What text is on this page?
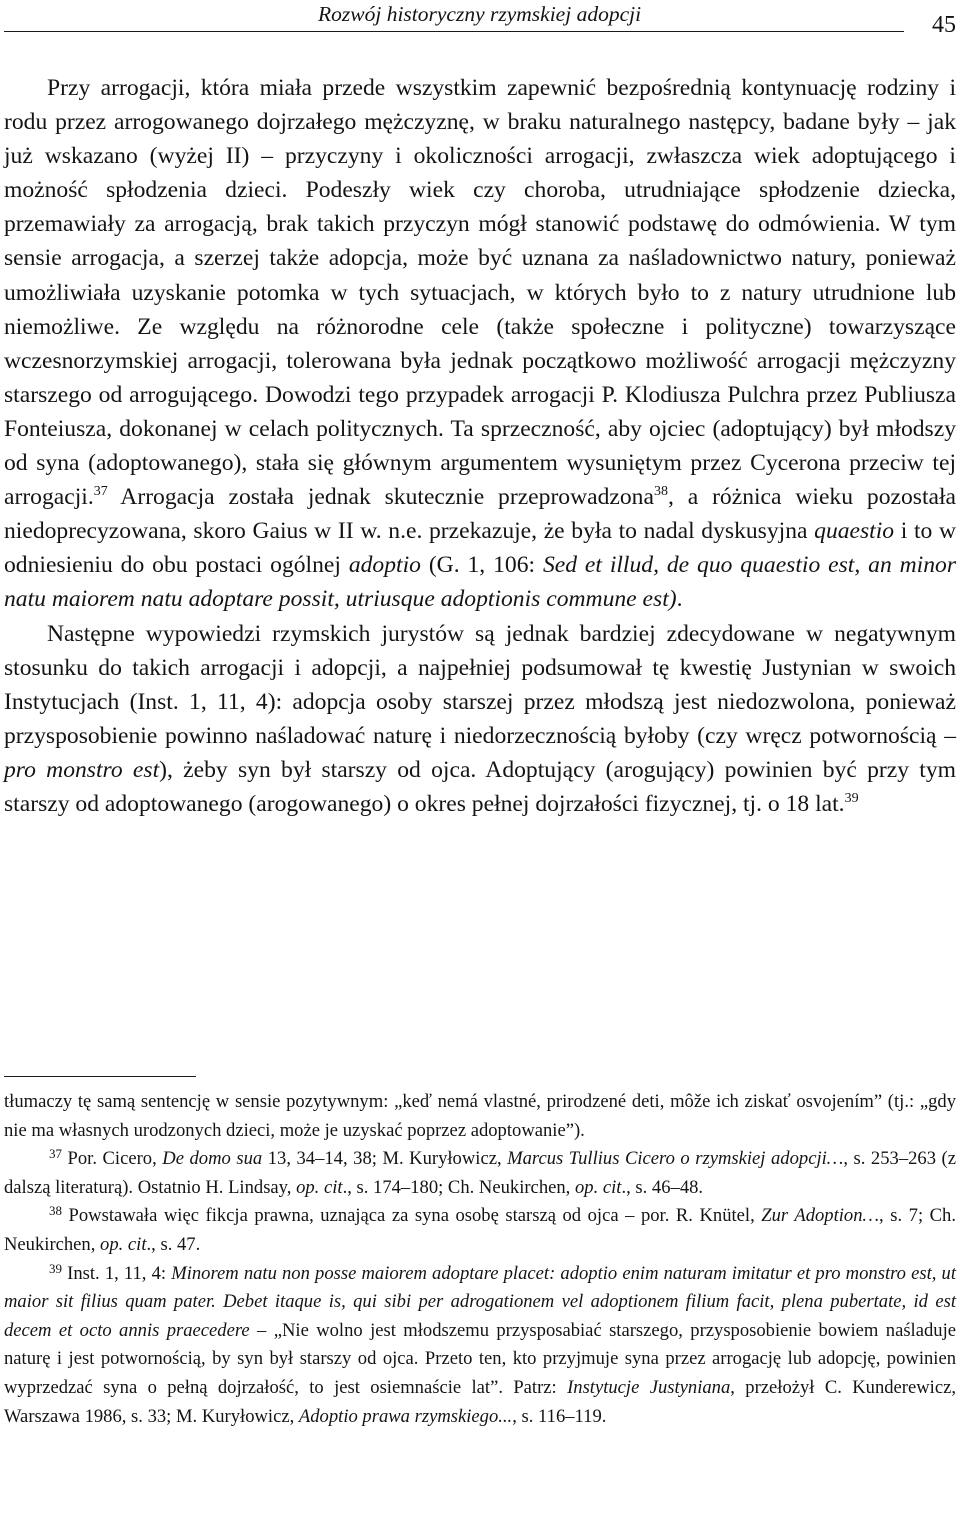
Rozwój historyczny rzymskiej adopcji	45

Przy arrogacji, która miała przede wszystkim zapewnić bezpośrednią kontynuację rodziny i rodu przez arrogowanego dojrzałego mężczyznę, w braku naturalnego następcy, badane były – jak już wskazano (wyżej II) – przyczyny i okoliczności arrogacji, zwłaszcza wiek adoptującego i możność spłodzenia dzieci. Podeszły wiek czy choroba, utrudniające spłodzenie dziecka, przemawiały za arrogacją, brak takich przyczyn mógł stanowić podstawę do odmówienia. W tym sensie arrogacja, a szerzej także adopcja, może być uznana za naśladownictwo natury, ponieważ umożliwiała uzyskanie potomka w tych sytuacjach, w których było to z natury utrudnione lub niemożliwe. Ze względu na różnorodne cele (także społeczne i polityczne) towarzyszące wczesnorzymskiej arrogacji, tolerowana była jednak początkowo możliwość arrogacji mężczyzny starszego od arrogującego. Dowodzi tego przypadek arrogacji P. Klodiusza Pulchra przez Publiusza Fonteiusza, dokonanej w celach politycznych. Ta sprzeczność, aby ojciec (adoptujący) był młodszy od syna (adoptowanego), stała się głównym argumentem wysuniętym przez Cycerona przeciw tej arrogacji.$^{37}$ Arrogacja została jednak skutecznie przeprowadzona$^{38}$, a różnica wieku pozostała niedoprecyzowana, skoro Gaius w II w. n.e. przekazuje, że była to nadal dyskusyjna quaestio i to w odniesieniu do obu postaci ogólnej adoptio (G. 1, 106: Sed et illud, de quo quaestio est, an minor natu maiorem natu adoptare possit, utriusque adoptionis commune est).

Następne wypowiedzi rzymskich jurystów są jednak bardziej zdecydowane w negatywnym stosunku do takich arrogacji i adopcji, a najpełniej podsumował tę kwestię Justynian w swoich Instytucjach (Inst. 1, 11, 4): adopcja osoby starszej przez młodszą jest niedozwolona, ponieważ przysposobienie powinno naśladować naturę i niedorzecznością byłoby (czy wręcz potwornością – pro monstro est), żeby syn był starszy od ojca. Adoptujący (arogujący) powinien być przy tym starszy od adoptowanego (arogowanego) o okres pełnej dojrzałości fizycznej, tj. o 18 lat.$^{39}$

tłumaczy tę samą sentencję w sensie pozytywnym: „keď nemá vlastné, prirodzené deti, môže ich ziskať osvojením” (tj.: „gdy nie ma własnych urodzonych dzieci, może je uzyskać poprzez adoptowanie”).

$^{37}$ Por. Cicero, De domo sua 13, 34–14, 38; M. Kuryłowicz, Marcus Tullius Cicero o rzymskiej adopcji…, s. 253–263 (z dalszą literaturą). Ostatnio H. Lindsay, op. cit., s. 174–180; Ch. Neukirchen, op. cit., s. 46–48.

$^{38}$ Powstawała więc fikcja prawna, uznająca za syna osobę starszą od ojca – por. R. Knütel, Zur Adoption…, s. 7; Ch. Neukirchen, op. cit., s. 47.

$^{39}$ Inst. 1, 11, 4: Minorem natu non posse maiorem adoptare placet: adoptio enim naturam imitatur et pro monstro est, ut maior sit filius quam pater. Debet itaque is, qui sibi per adrogationem vel adoptionem filium facit, plena pubertate, id est decem et octo annis praecedere – „Nie wolno jest młodszemu przysposabiać starszego, przysposobienie bowiem naśladuje naturę i jest potwornością, by syn był starszy od ojca. Przeto ten, kto przyjmuje syna przez arrogację lub adopcję, powinien wyprzedzać syna o pełną dojrzałość, to jest osiemnaście lat”. Patrz: Instytucje Justyniana, przełożył C. Kunderewicz, Warszawa 1986, s. 33; M. Kuryłowicz, Adoptio prawa rzymskiego..., s. 116–119.
